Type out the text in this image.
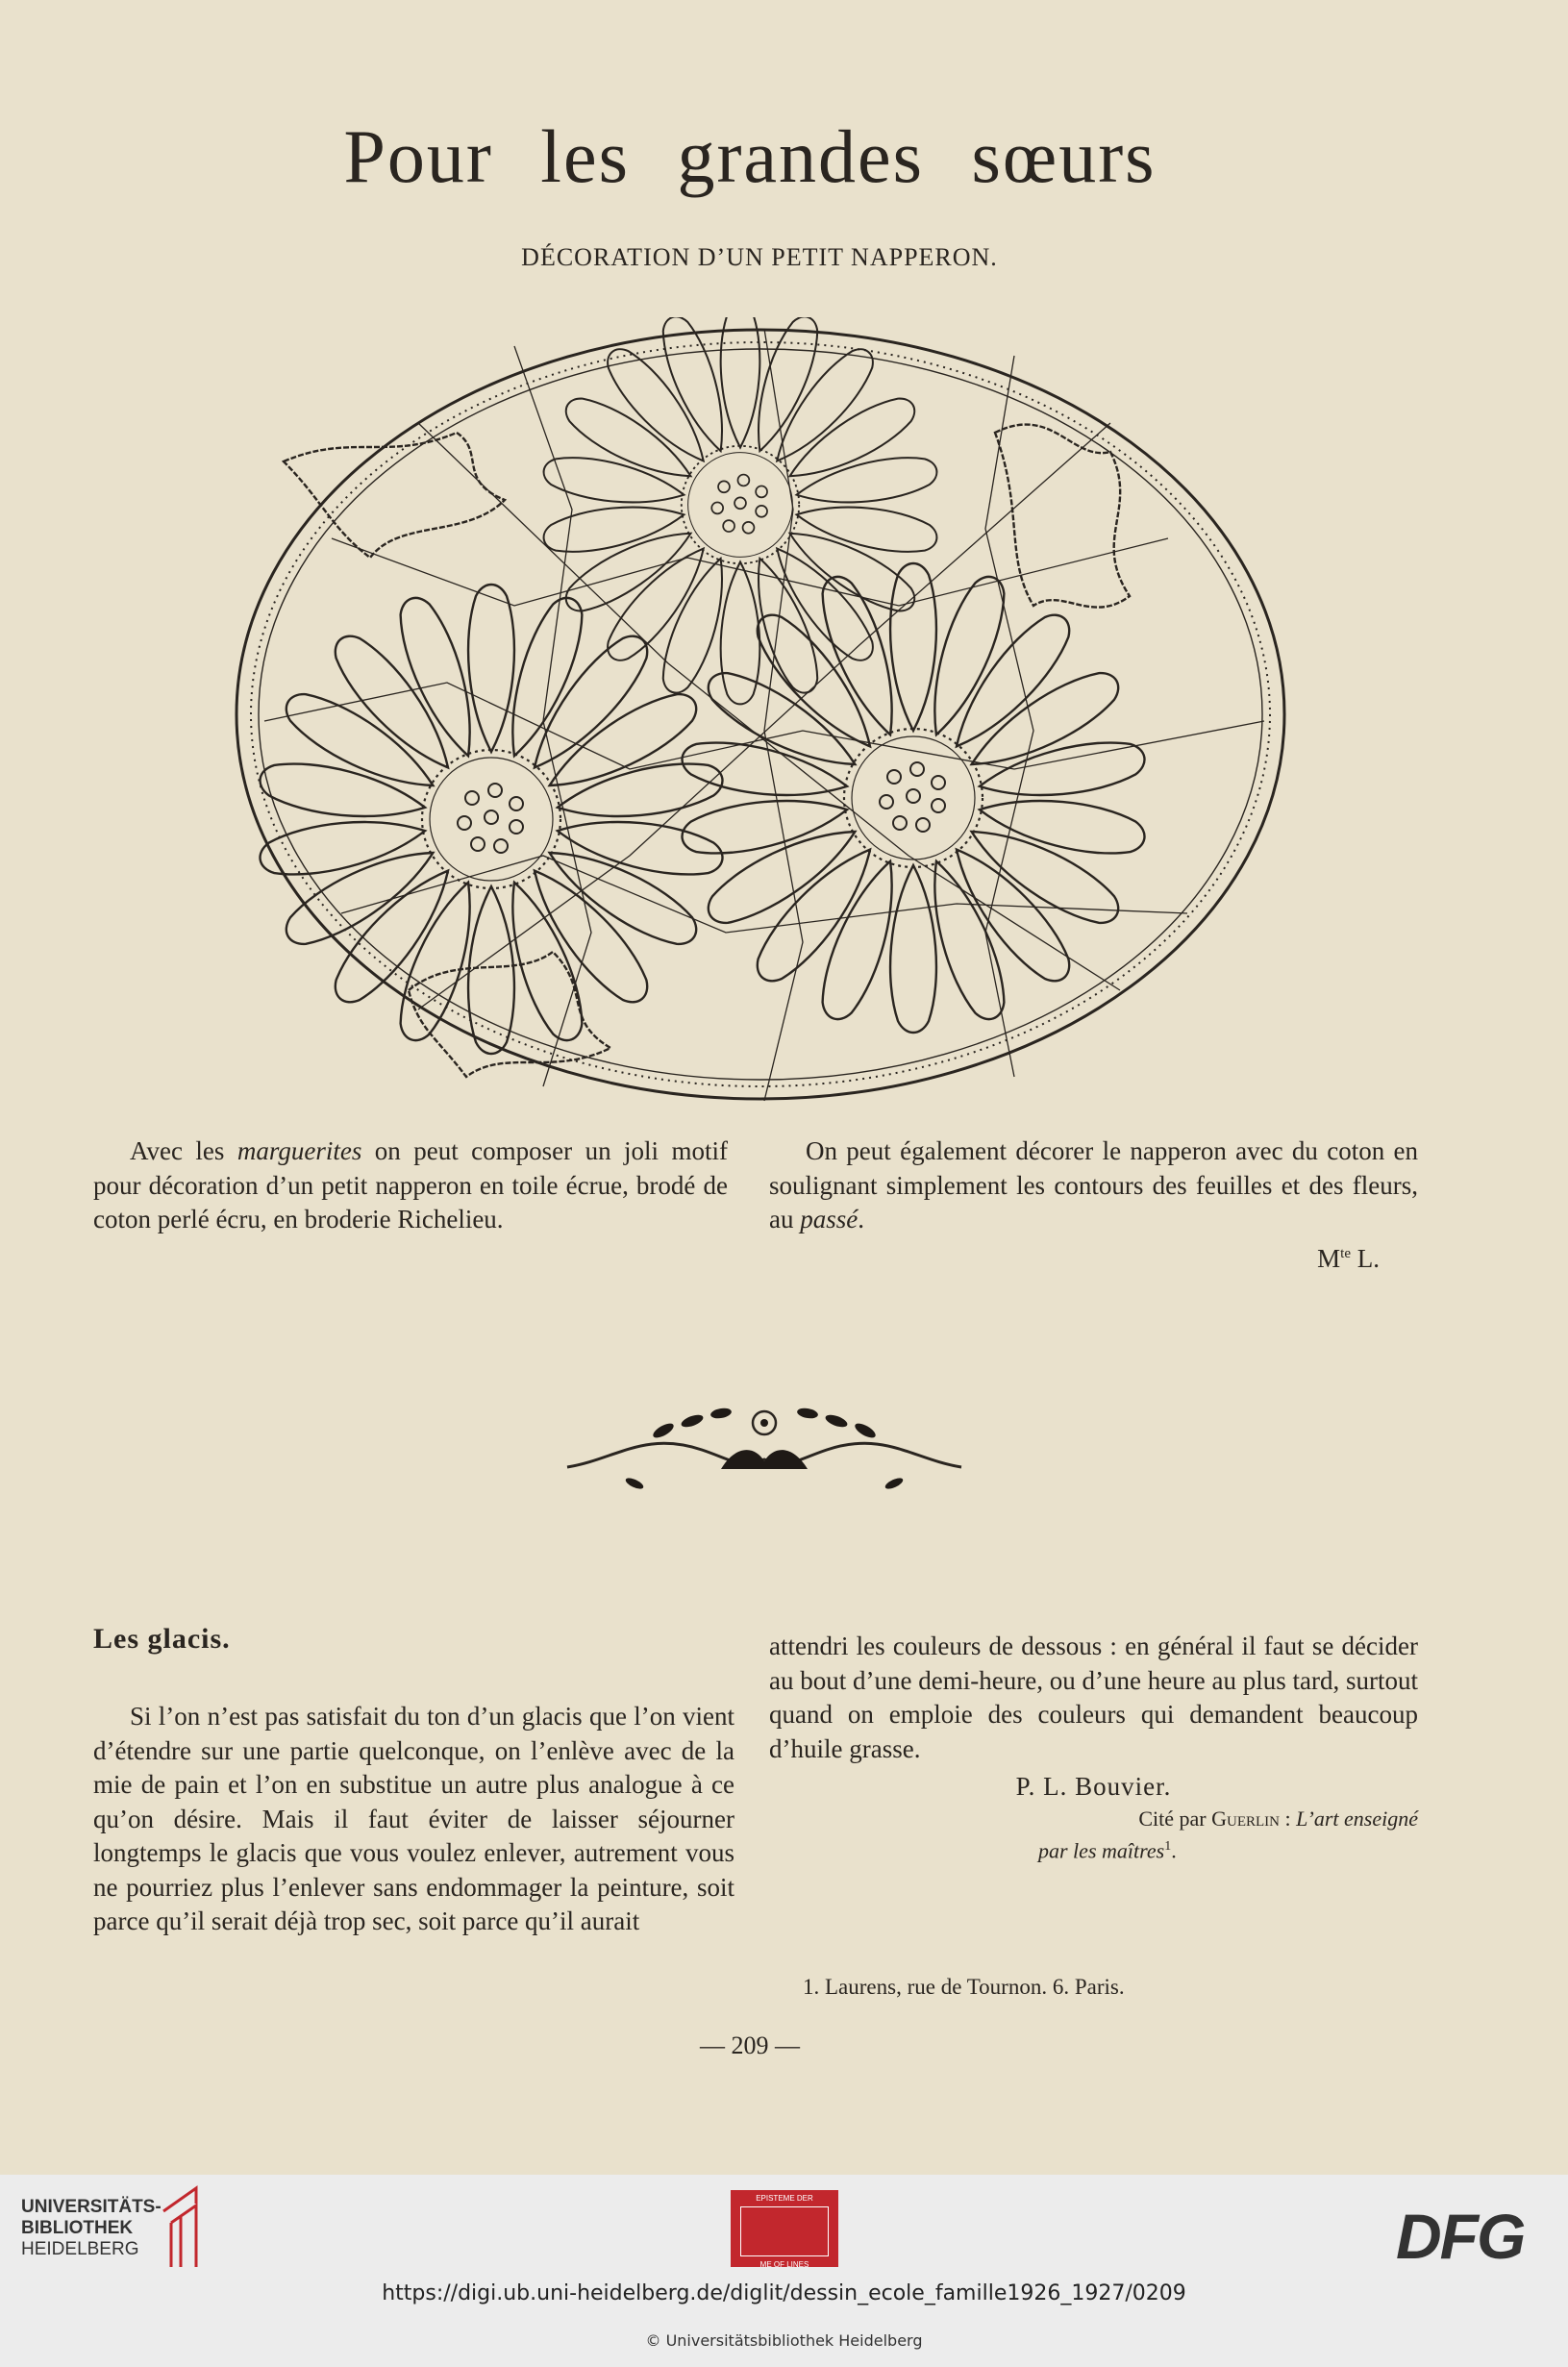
Pour les grandes sœurs
DÉCORATION D’UN PETIT NAPPERON.

Avec les marguerites on peut composer un joli motif pour décoration d’un petit napperon en toile écrue, brodé de coton perlé écru, en broderie Richelieu.

On peut également décorer le napperon avec du coton en soulignant simplement les contours des feuilles et des fleurs, au passé.

$M^{te}$ L.

Les glacis.

Si l’on n’est pas satisfait du ton d’un glacis que l’on vient d’étendre sur une partie quelconque, on l’enlève avec de la mie de pain et l’on en substitue un autre plus analogue à ce qu’on désire. Mais il faut éviter de laisser séjourner longtemps le glacis que vous voulez enlever, autrement vous ne pourriez plus l’enlever sans endommager la peinture, soit parce qu’il serait déjà trop sec, soit parce qu’il aurait

attendri les couleurs de dessous : en général il faut se décider au bout d’une demi-heure, ou d’une heure au plus tard, surtout quand on emploie des couleurs qui demandent beaucoup d’huile grasse.

P. L. Bouvier.

Cité par Guerlin : L’art enseigné

par les maîtres$^1$.

1. Laurens, rue de Tournon. 6. Paris.
— 209 —
UNIVERSITÄTS-
BIBLIOTHEK
HEIDELBERG
EPISTEME DER
ME OF LINES	DFG
https://digi.ub.uni-heidelberg.de/diglit/dessin_ecole_famille1926_1927/0209
© Universitätsbibliothek Heidelberg
